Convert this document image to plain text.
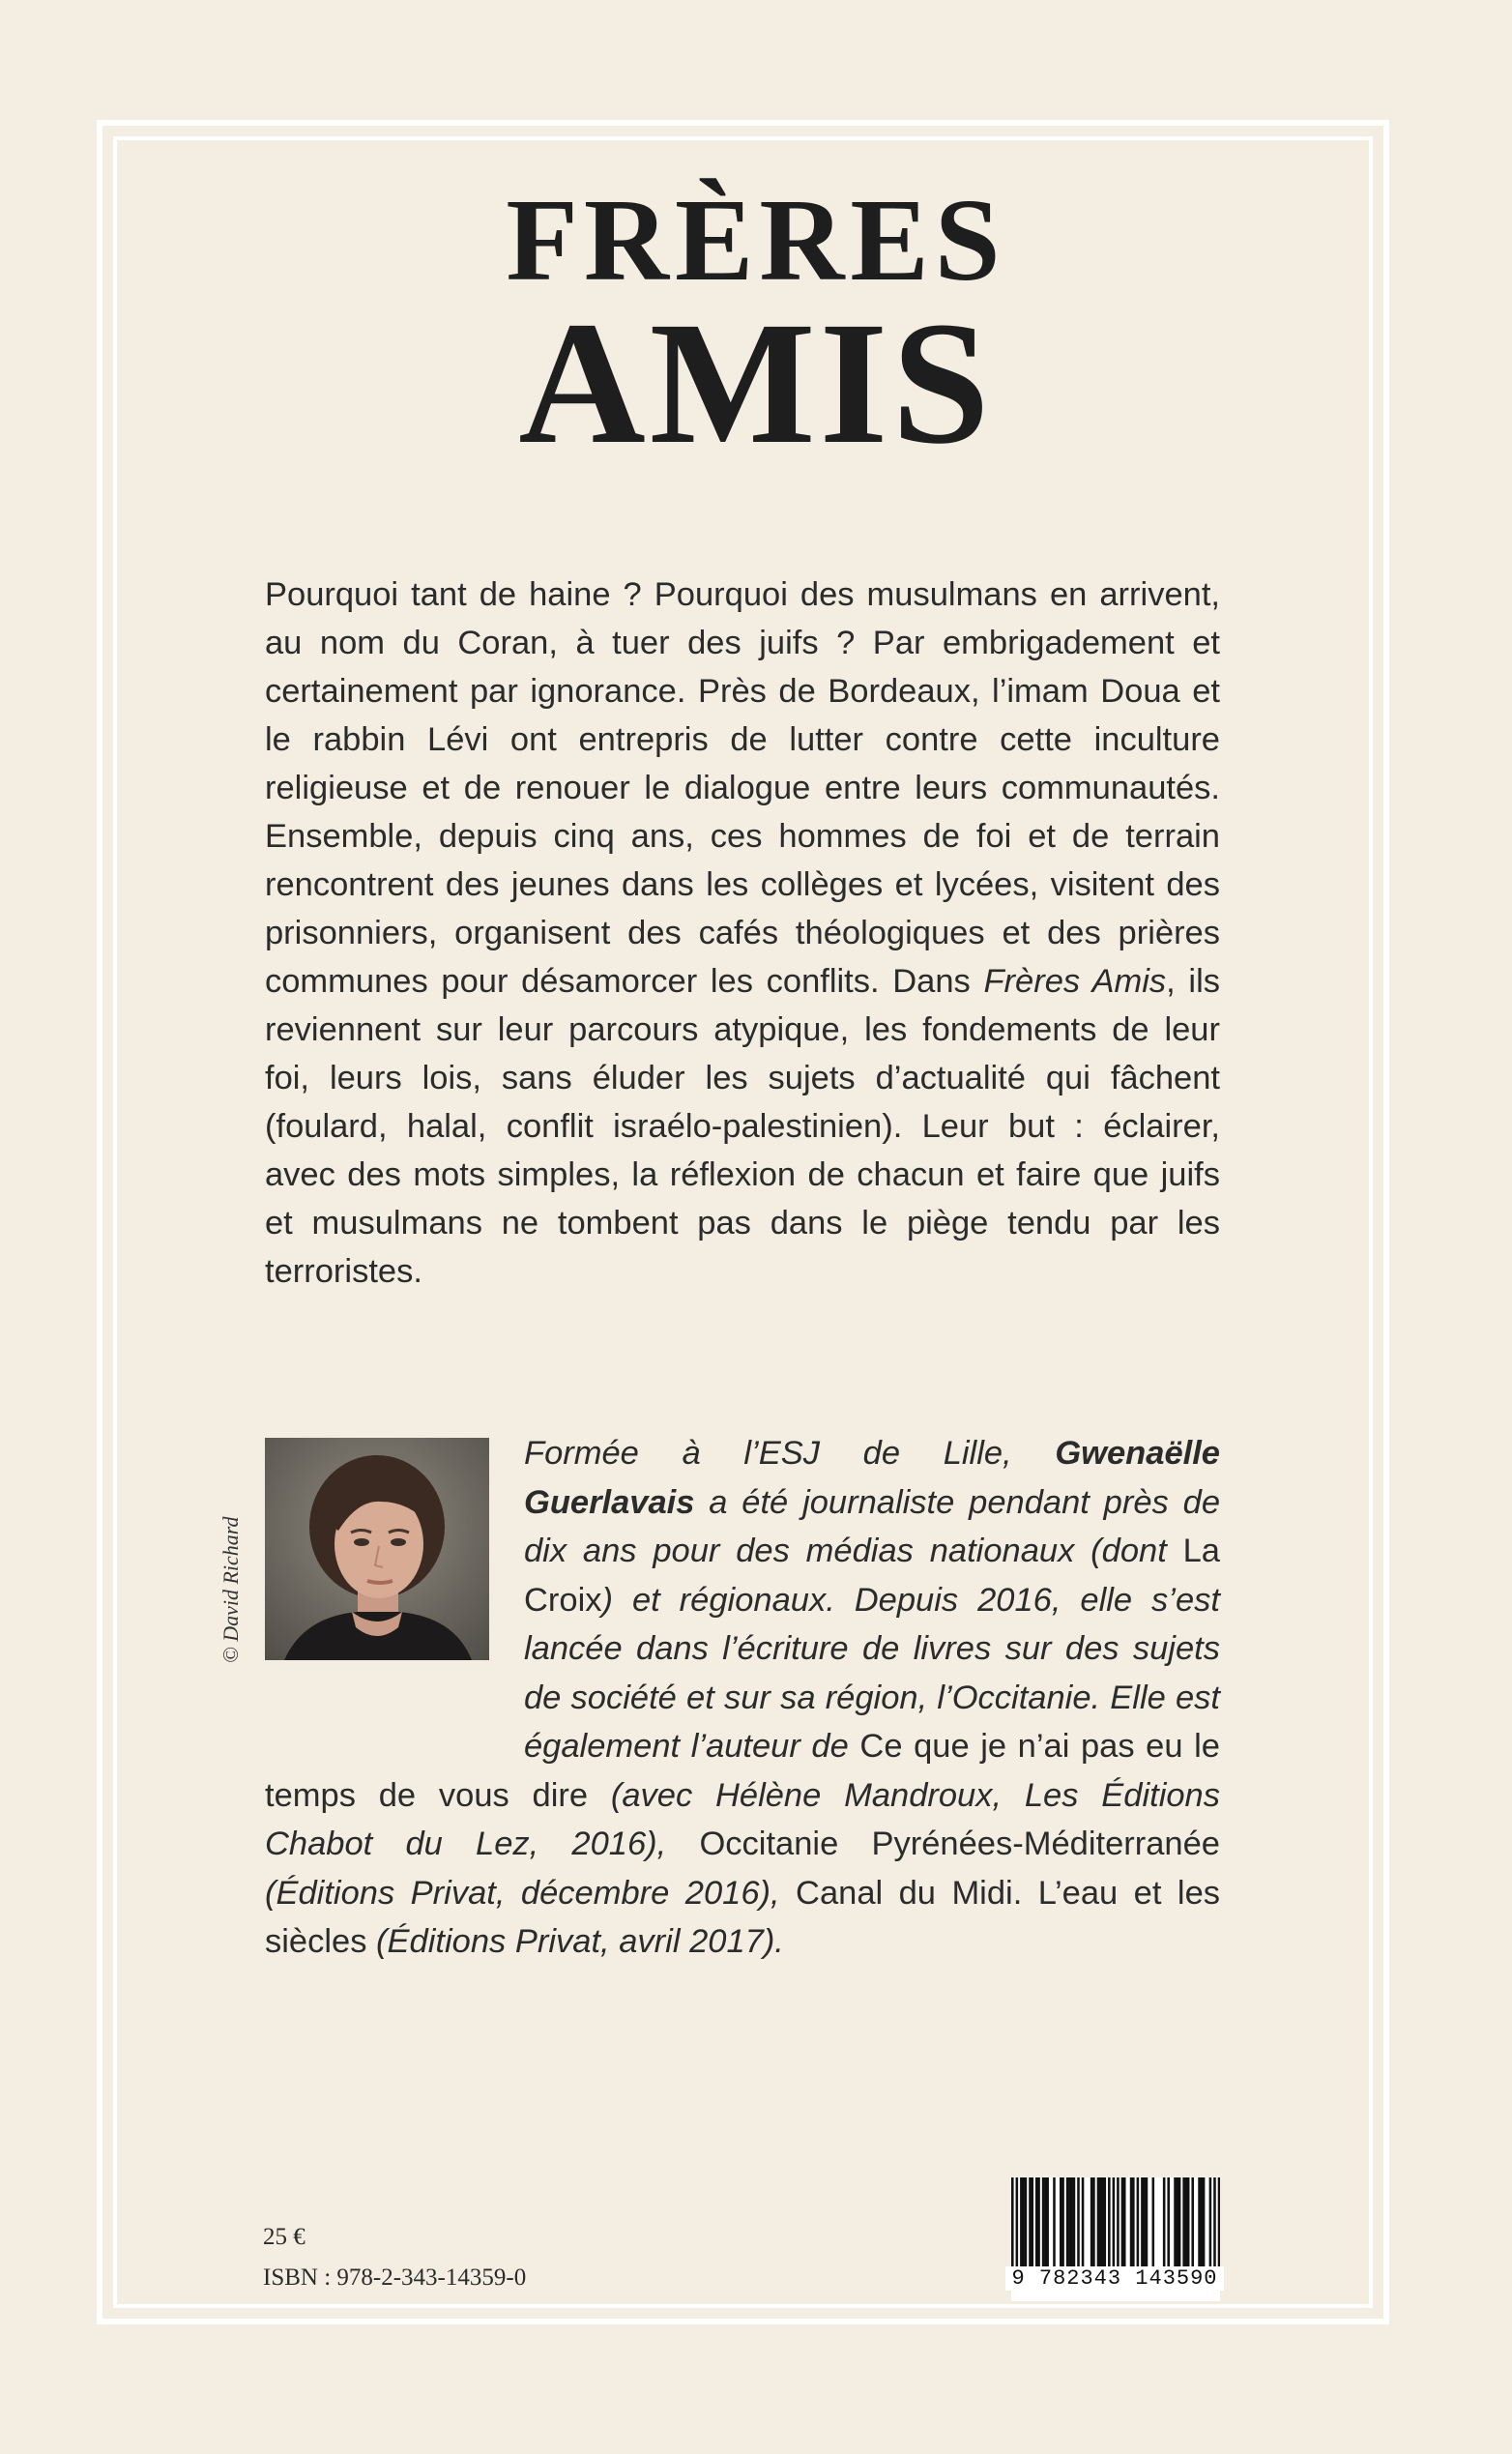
FRÈRES
AMIS

Pourquoi tant de haine ? Pourquoi des musulmans en arrivent, au nom du Coran, à tuer des juifs ? Par embrigadement et certainement par ignorance. Près de Bordeaux, l’imam Doua et le rabbin Lévi ont entrepris de lutter contre cette inculture religieuse et de renouer le dialogue entre leurs communautés. Ensemble, depuis cinq ans, ces hommes de foi et de terrain rencontrent des jeunes dans les collèges et lycées, visitent des prisonniers, organisent des cafés théologiques et des prières communes pour désamorcer les conflits. Dans Frères Amis, ils reviennent sur leur parcours atypique, les fondements de leur foi, leurs lois, sans éluder les sujets d’actualité qui fâchent (foulard, halal, conflit israélo-palestinien). Leur but : éclairer, avec des mots simples, la réflexion de chacun et faire que juifs et musulmans ne tombent pas dans le piège tendu par les terroristes.

© David Richard

Formée à l’ESJ de Lille, Gwenaëlle Guerlavais a été journaliste pendant près de dix ans pour des médias nationaux (dont La Croix) et régionaux. Depuis 2016, elle s’est lancée dans l’écriture de livres sur des sujets de société et sur sa région, l’Occitanie. Elle est également l’auteur de Ce que je n’ai pas eu le temps de vous dire (avec Hélène Mandroux, Les Éditions Chabot du Lez, 2016), Occitanie Pyrénées-Méditerranée (Éditions Privat, décembre 2016), Canal du Midi. L’eau et les siècles (Éditions Privat, avril 2017).

25 €
ISBN : 978-2-343-14359-0	9 782343 143590
